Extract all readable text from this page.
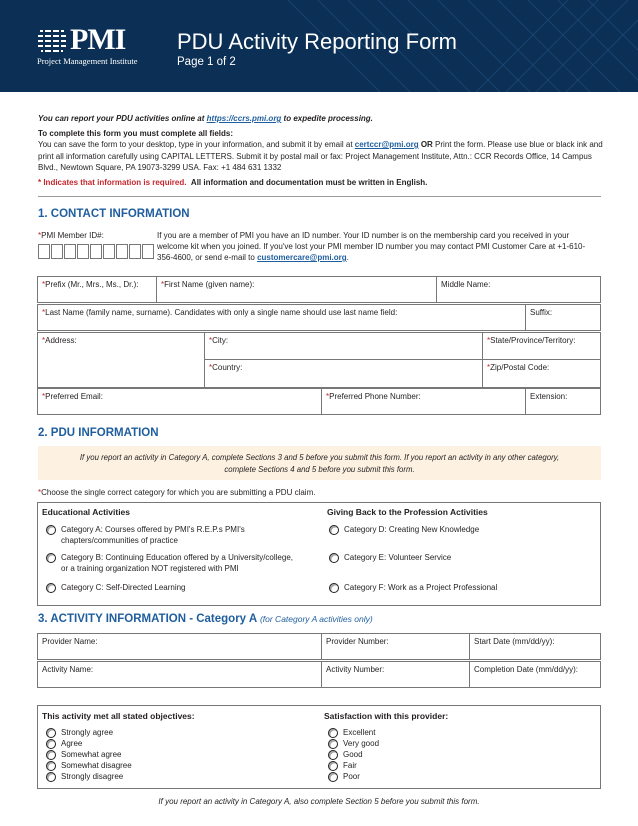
PMI
Project Management Institute
PDU Activity Reporting Form
Page 1 of 2
You can report your PDU activities online at https://ccrs.pmi.org to expedite processing.
To complete this form you must complete all fields:
You can save the form to your desktop, type in your information, and submit it by email at certccr@pmi.org OR Print the form. Please use blue or black ink and print all information carefully using CAPITAL LETTERS. Submit it by postal mail or fax: Project Management Institute, Attn.: CCR Records Office, 14 Campus Blvd., Newtown Square, PA 19073-3299 USA. Fax: +1 484 631 1332
* Indicates that information is required. All information and documentation must be written in English.
1. CONTACT INFORMATION
*PMI Member ID#:	If you are a member of PMI you have an ID number. Your ID number is on the membership card you received in your welcome kit when you joined. If you've lost your PMI member ID number you may contact PMI Customer Care at +1-610-356-4600, or send e-mail to customercare@pmi.org.
*Prefix (Mr., Mrs., Ms., Dr.):	*First Name (given name):	Middle Name:
*Last Name (family name, surname). Candidates with only a single name should use last name field:	Suffix:
*Address:	*City:	*State/Province/Territory:
*Country:	*Zip/Postal Code:
*Preferred Email:	*Preferred Phone Number:	Extension:
2. PDU INFORMATION
If you report an activity in Category A, complete Sections 3 and 5 before you submit this form. If you report an activity in any other category,
complete Sections 4 and 5 before you submit this form.
*Choose the single correct category for which you are submitting a PDU claim.
Educational Activities	Giving Back to the Profession Activities
Category A: Courses offered by PMI's R.E.P.s PMI's
chapters/communities of practice
Category B: Continuing Education offered by a University/college,
or a training organization NOT registered with PMI
Category C: Self-Directed Learning
Category D: Creating New Knowledge
Category E: Volunteer Service
Category F: Work as a Project Professional
3. ACTIVITY INFORMATION - Category A (for Category A activities only)
Provider Name:	Provider Number:	Start Date (mm/dd/yy):
Activity Name:	Activity Number:	Completion Date (mm/dd/yy):
This activity met all stated objectives:	Satisfaction with this provider:
Strongly agree
Agree
Somewhat agree
Somewhat disagree
Strongly disagree
Excellent
Very good
Good
Fair
Poor
If you report an activity in Category A, also complete Section 5 before you submit this form.
